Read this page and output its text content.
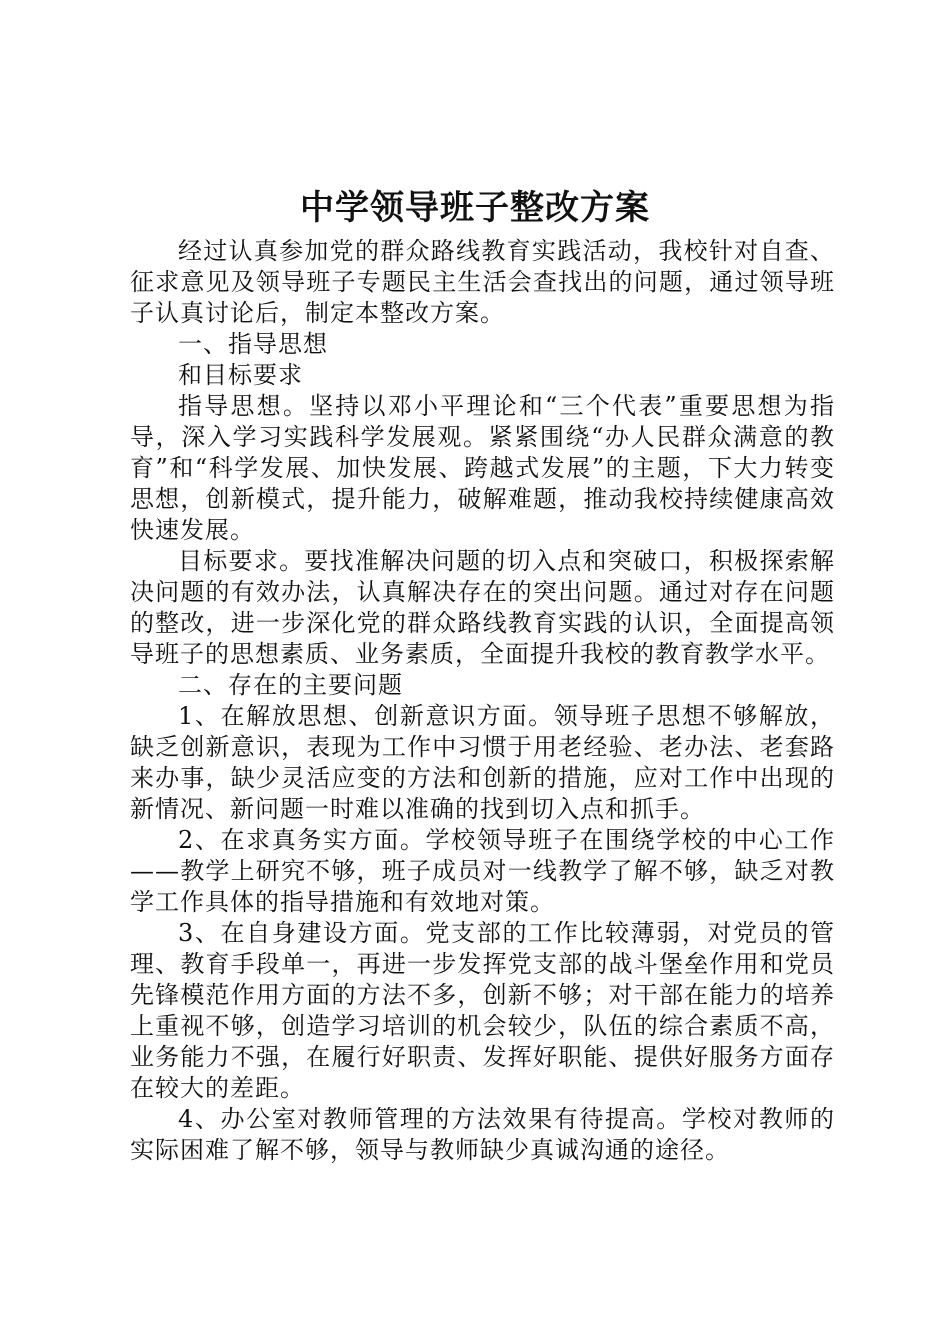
中学领导班子整改方案

经过认真参加党的群众路线教育实践活动，我校针对自查、征求意见及领导班子专题民主生活会查找出的问题，通过领导班子认真讨论后，制定本整改方案。

一、指导思想

和目标要求

指导思想。坚持以邓小平理论和“三个代表”重要思想为指导，深入学习实践科学发展观。紧紧围绕“办人民群众满意的教育”和“科学发展、加快发展、跨越式发展”的主题，下大力转变思想，创新模式，提升能力，破解难题，推动我校持续健康高效快速发展。

目标要求。要找准解决问题的切入点和突破口，积极探索解决问题的有效办法，认真解决存在的突出问题。通过对存在问题的整改，进一步深化党的群众路线教育实践的认识，全面提高领导班子的思想素质、业务素质，全面提升我校的教育教学水平。

二、存在的主要问题

1、在解放思想、创新意识方面。领导班子思想不够解放，缺乏创新意识，表现为工作中习惯于用老经验、老办法、老套路来办事，缺少灵活应变的方法和创新的措施，应对工作中出现的新情况、新问题一时难以准确的找到切入点和抓手。

2、在求真务实方面。学校领导班子在围绕学校的中心工作——教学上研究不够，班子成员对一线教学了解不够，缺乏对教学工作具体的指导措施和有效地对策。

3、在自身建设方面。党支部的工作比较薄弱，对党员的管理、教育手段单一，再进一步发挥党支部的战斗堡垒作用和党员先锋模范作用方面的方法不多，创新不够；对干部在能力的培养上重视不够，创造学习培训的机会较少，队伍的综合素质不高，业务能力不强，在履行好职责、发挥好职能、提供好服务方面存在较大的差距。

4、办公室对教师管理的方法效果有待提高。学校对教师的实际困难了解不够，领导与教师缺少真诚沟通的途径。
